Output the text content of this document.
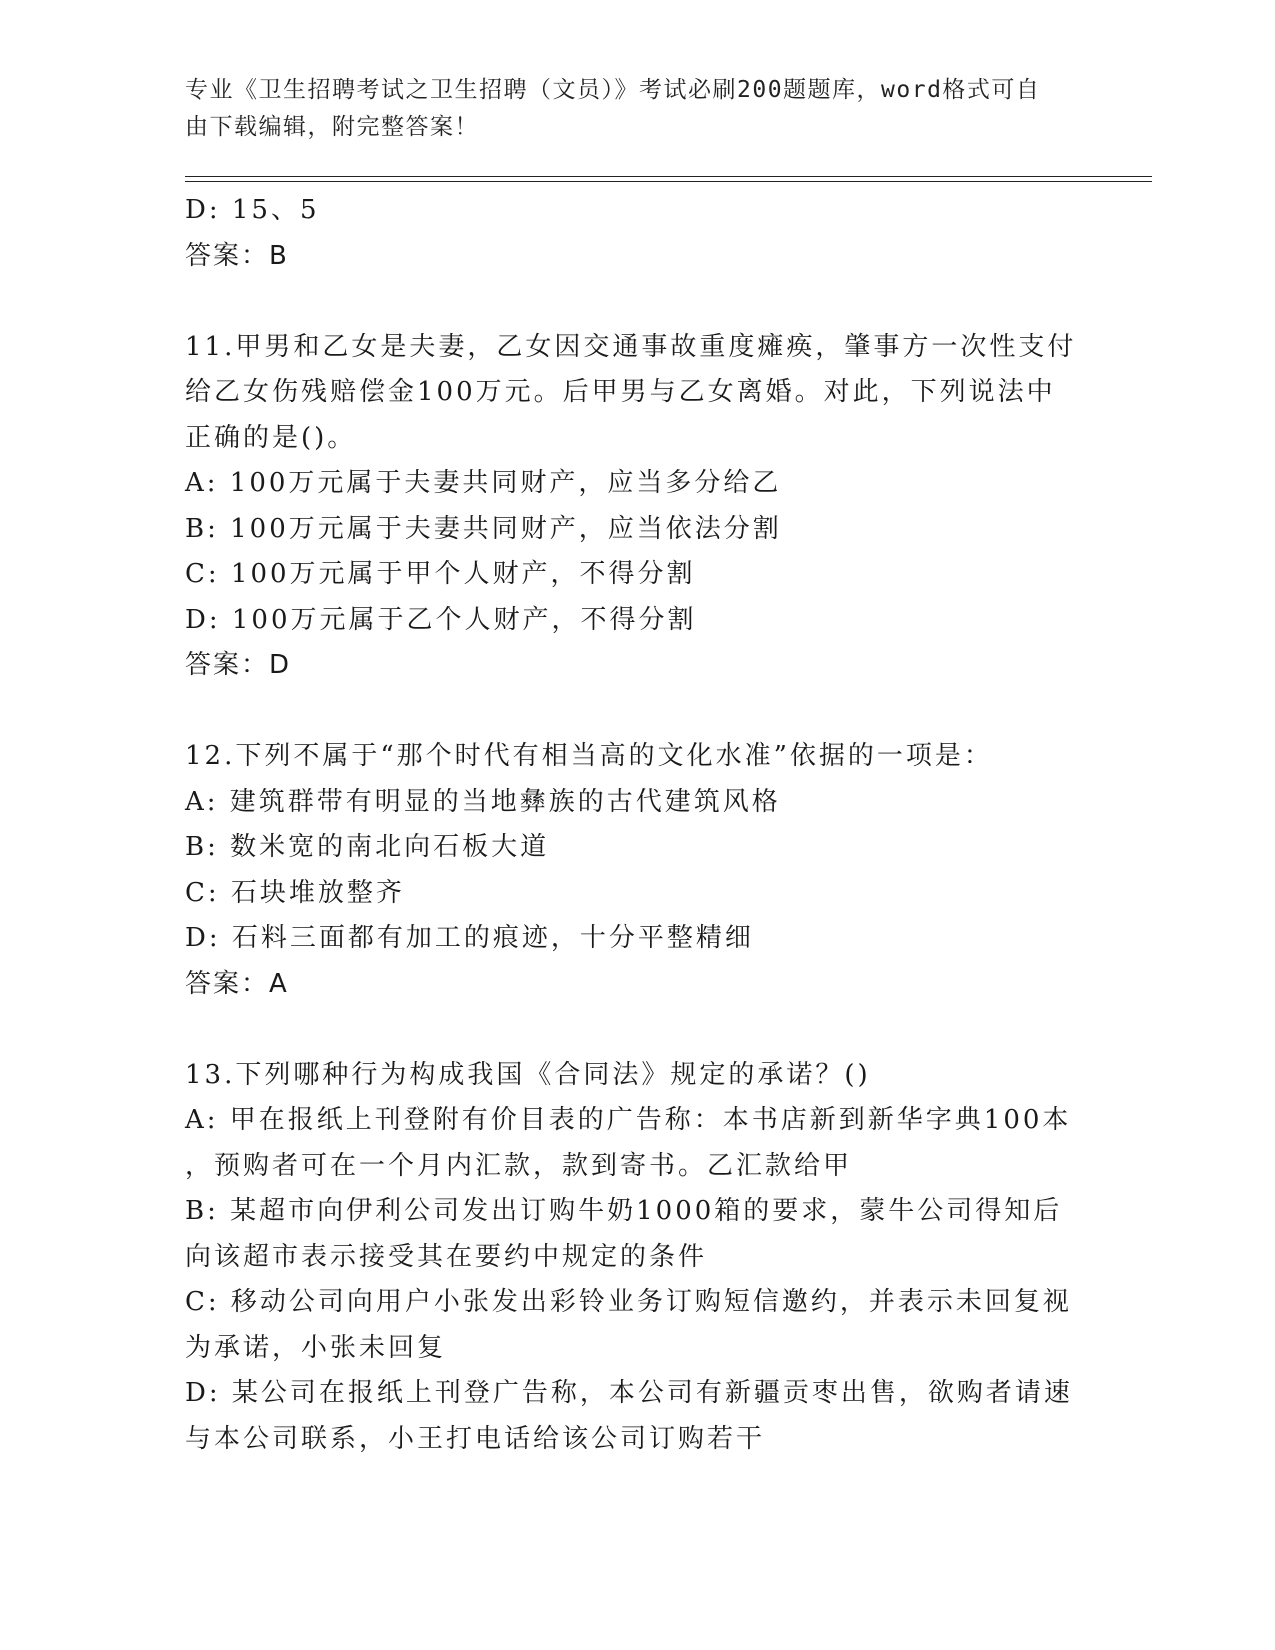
专业《卫生招聘考试之卫生招聘（文员）》考试必刷200题题库，word格式可自
由下载编辑，附完整答案！
D: 15、5
答案：B
11.甲男和乙女是夫妻，乙女因交通事故重度瘫痪，肇事方一次性支付
给乙女伤残赔偿金100万元。后甲男与乙女离婚。对此，下列说法中
正确的是()。
A: 100万元属于夫妻共同财产，应当多分给乙
B: 100万元属于夫妻共同财产，应当依法分割
C: 100万元属于甲个人财产，不得分割
D: 100万元属于乙个人财产，不得分割
答案：D
12.下列不属于“那个时代有相当高的文化水准”依据的一项是：
A: 建筑群带有明显的当地彝族的古代建筑风格
B: 数米宽的南北向石板大道
C: 石块堆放整齐
D: 石料三面都有加工的痕迹，十分平整精细
答案：A
13.下列哪种行为构成我国《合同法》规定的承诺？()
A: 甲在报纸上刊登附有价目表的广告称：本书店新到新华字典100本
，预购者可在一个月内汇款，款到寄书。乙汇款给甲
B: 某超市向伊利公司发出订购牛奶1000箱的要求，蒙牛公司得知后
向该超市表示接受其在要约中规定的条件
C: 移动公司向用户小张发出彩铃业务订购短信邀约，并表示未回复视
为承诺，小张未回复
D: 某公司在报纸上刊登广告称，本公司有新疆贡枣出售，欲购者请速
与本公司联系，小王打电话给该公司订购若干
